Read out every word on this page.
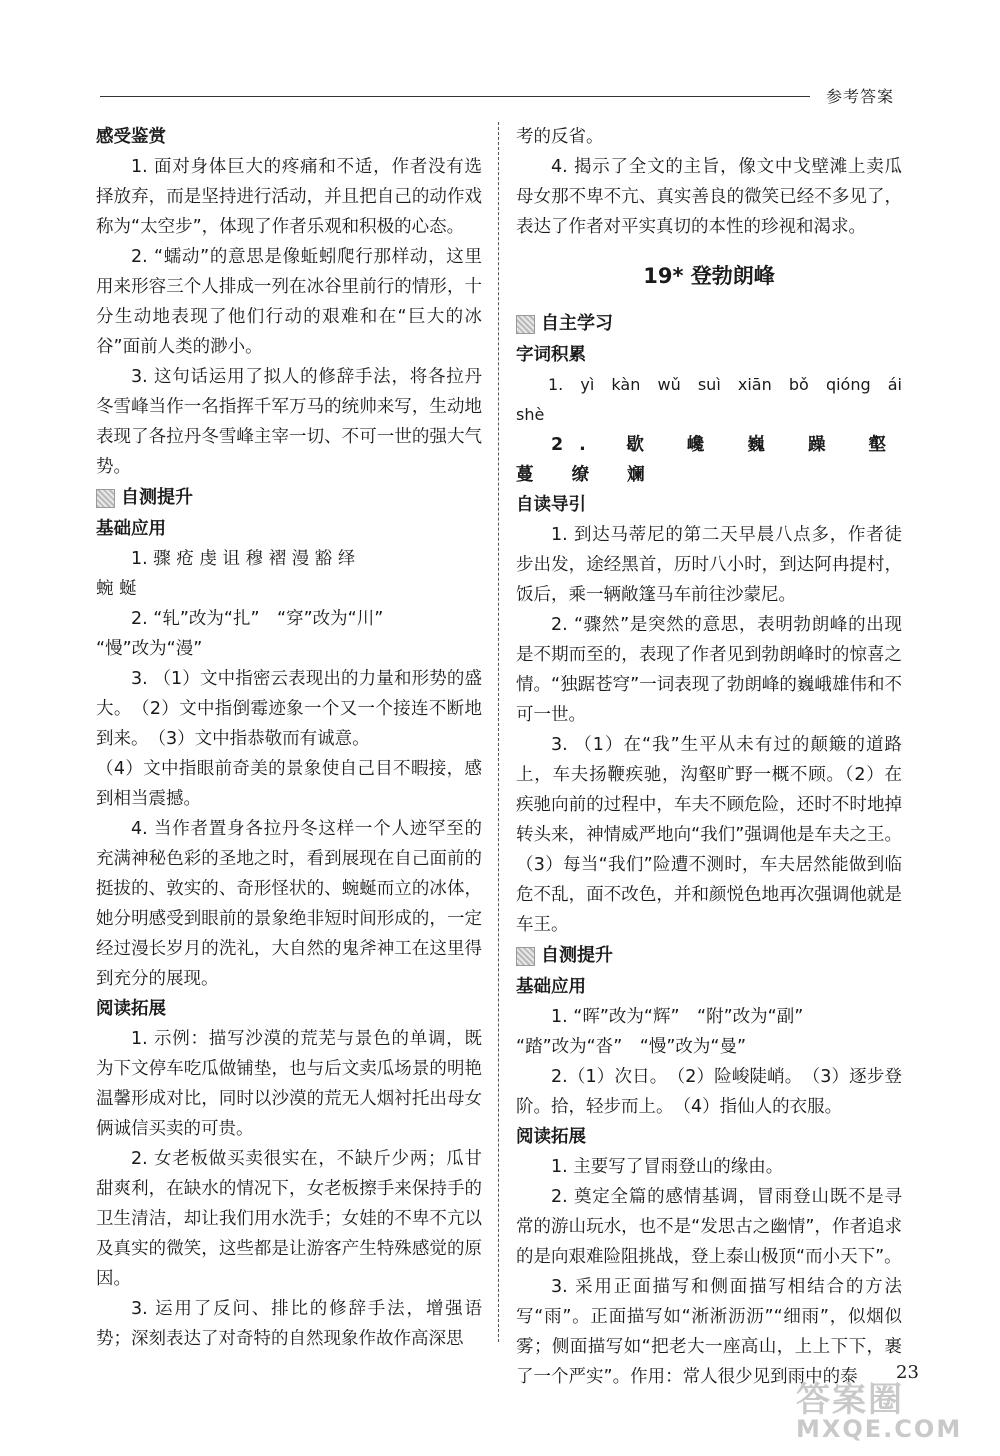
参考答案

感受鉴赏

1. 面对身体巨大的疼痛和不适，作者没有选择放弃，而是坚持进行活动，并且把自己的动作戏称为“太空步”，体现了作者乐观和积极的心态。

2. “蠕动”的意思是像蚯蚓爬行那样动，这里用来形容三个人排成一列在冰谷里前行的情形，十分生动地表现了他们行动的艰难和在“巨大的冰谷”面前人类的渺小。

3. 这句话运用了拟人的修辞手法，将各拉丹冬雪峰当作一名指挥千军万马的统帅来写，生动地表现了各拉丹冬雪峰主宰一切、不可一世的强大气势。

自测提升

基础应用

1. 骤 疮 虔 诅 穆 褶 漫 豁 绎

蜿 蜒

2. “轧”改为“扎”　“穿”改为“川”

“慢”改为“漫”

3. （1）文中指密云表现出的力量和形势的盛大。　（2）文中指倒霉迹象一个又一个接连不断地到来。　（3）文中指恭敬而有诚意。

（4）文中指眼前奇美的景象使自己目不暇接，感到相当震撼。

4. 当作者置身各拉丹冬这样一个人迹罕至的充满神秘色彩的圣地之时，看到展现在自己面前的挺拔的、敦实的、奇形怪状的、蜿蜒而立的冰体，她分明感受到眼前的景象绝非短时间形成的，一定经过漫长岁月的洗礼，大自然的鬼斧神工在这里得到充分的展现。

阅读拓展

1. 示例：描写沙漠的荒芜与景色的单调，既为下文停车吃瓜做铺垫，也与后文卖瓜场景的明艳温馨形成对比，同时以沙漠的荒无人烟衬托出母女俩诚信买卖的可贵。

2. 女老板做买卖很实在，不缺斤少两；瓜甘甜爽利，在缺水的情况下，女老板擦手来保持手的卫生清洁，却让我们用水洗手；女娃的不卑不亢以及真实的微笑，这些都是让游客产生特殊感觉的原因。

3. 运用了反问、排比的修辞手法，增强语势；深刻表达了对奇特的自然现象作故作高深思

考的反省。

4. 揭示了全文的主旨，像文中戈壁滩上卖瓜母女那不卑不亢、真实善良的微笑已经不多见了，表达了作者对平实真切的本性的珍视和渴求。

19* 登勃朗峰
自主学习

字词积累

1. yì kàn wǔ suì xiān bǒ qióng ái shè

2. 歇 巉 巍 躁 壑 蔓 缭 斓

自读导引

1. 到达马蒂尼的第二天早晨八点多，作者徒步出发，途经黑首，历时八小时，到达阿冉提村，饭后，乘一辆敞篷马车前往沙蒙尼。

2. “骤然”是突然的意思，表明勃朗峰的出现是不期而至的，表现了作者见到勃朗峰时的惊喜之情。“独踞苍穹”一词表现了勃朗峰的巍峨雄伟和不可一世。

3. （1）在“我”生平从未有过的颠簸的道路上，车夫扬鞭疾驰，沟壑旷野一概不顾。（2）在疾驰向前的过程中，车夫不顾危险，还时不时地掉转头来，神情威严地向“我们”强调他是车夫之王。（3）每当“我们”险遭不测时，车夫居然能做到临危不乱，面不改色，并和颜悦色地再次强调他就是车王。

自测提升

基础应用

1. “晖”改为“辉”　“附”改为“副”

“踏”改为“沓”　“慢”改为“曼”

2.（1）次日。　（2）险峻陡峭。　（3）逐步登阶。拾，轻步而上。　（4）指仙人的衣服。

阅读拓展

1. 主要写了冒雨登山的缘由。

2. 奠定全篇的感情基调，冒雨登山既不是寻常的游山玩水，也不是“发思古之幽情”，作者追求的是向艰难险阻挑战，登上泰山极顶“而小天下”。

3. 采用正面描写和侧面描写相结合的方法写“雨”。正面描写如“淅淅沥沥”“细雨”，似烟似雾；侧面描写如“把老大一座高山，上上下下，裹了一个严实”。作用：常人很少见到雨中的泰	23
答案圈
MXQE.COM
